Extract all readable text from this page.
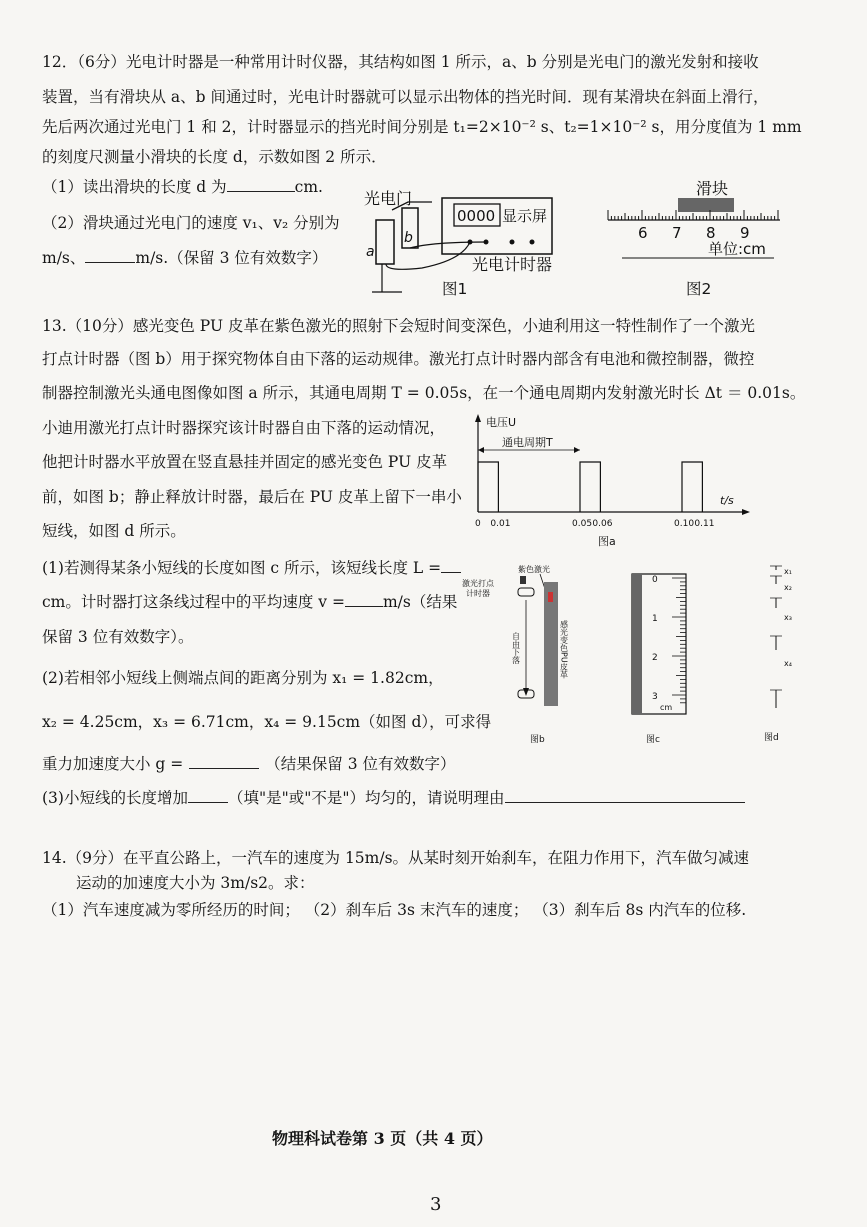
12．（6分）光电计时器是一种常用计时仪器，其结构如图 1 所示，a、b 分别是光电门的激光发射和接收
装置，当有滑块从 a、b 间通过时，光电计时器就可以显示出物体的挡光时间．现有某滑块在斜面上滑行，
先后两次通过光电门 1 和 2，计时器显示的挡光时间分别是 t₁=2×10⁻² s、t₂=1×10⁻² s，用分度值为 1 mm
的刻度尺测量小滑块的长度 d，示数如图 2 所示．
（1）读出滑块的长度 d 为	cm.
（2）滑块通过光电门的速度 v₁、v₂ 分别为
m/s、	m/s.（保留 3 位有效数字）
光电门
a
b
0000 显示屏
光电计时器
图1
滑块
6 7 8 9
单位:cm
图2
13.（10分）感光变色 PU 皮革在紫色激光的照射下会短时间变深色，小迪利用这一特性制作了一个激光
打点计时器（图 b）用于探究物体自由下落的运动规律。激光打点计时器内部含有电池和微控制器，微控
制器控制激光头通电图像如图 a 所示，其通电周期 T = 0.05s，在一个通电周期内发射激光时长 Δt ＝ 0.01s。
小迪用激光打点计时器探究该计时器自由下落的运动情况，
他把计时器水平放置在竖直悬挂并固定的感光变色 PU 皮革
前，如图 b；静止释放计时器，最后在 PU 皮革上留下一串小
短线，如图 d 所示。
电压U
t/s
通电周期T
0 0.01	0.05 0.06	0.10 0.11
图a
(1)若测得某条小短线的长度如图 c 所示，该短线长度 L =
cm。计时器打这条线过程中的平均速度 v = m/s（结果
保留 3 位有效数字）。
(2)若相邻小短线上侧端点间的距离分别为 x₁ = 1.82cm，
x₂ = 4.25cm，x₃ = 6.71cm，x₄ = 9.15cm（如图 d），可求得
重力加速度大小 g =	（结果保留 3 位有效数字）
(3)小短线的长度增加	（填"是"或"不是"）均匀的，请说明理由
紫色激光
激光打点
计时器
自由下落	感光变色PU皮革
图b
0
1
2
3
cm
图c
x₁
x₂
x₃
x₄
图d
14.（9分）在平直公路上，一汽车的速度为 15m/s。从某时刻开始刹车，在阻力作用下，汽车做匀减速
运动的加速度大小为 3m/s2。求：
（1）汽车速度减为零所经历的时间； （2）刹车后 3s 末汽车的速度； （3）刹车后 8s 内汽车的位移.
物理科试卷第 3 页（共 4 页）
3
